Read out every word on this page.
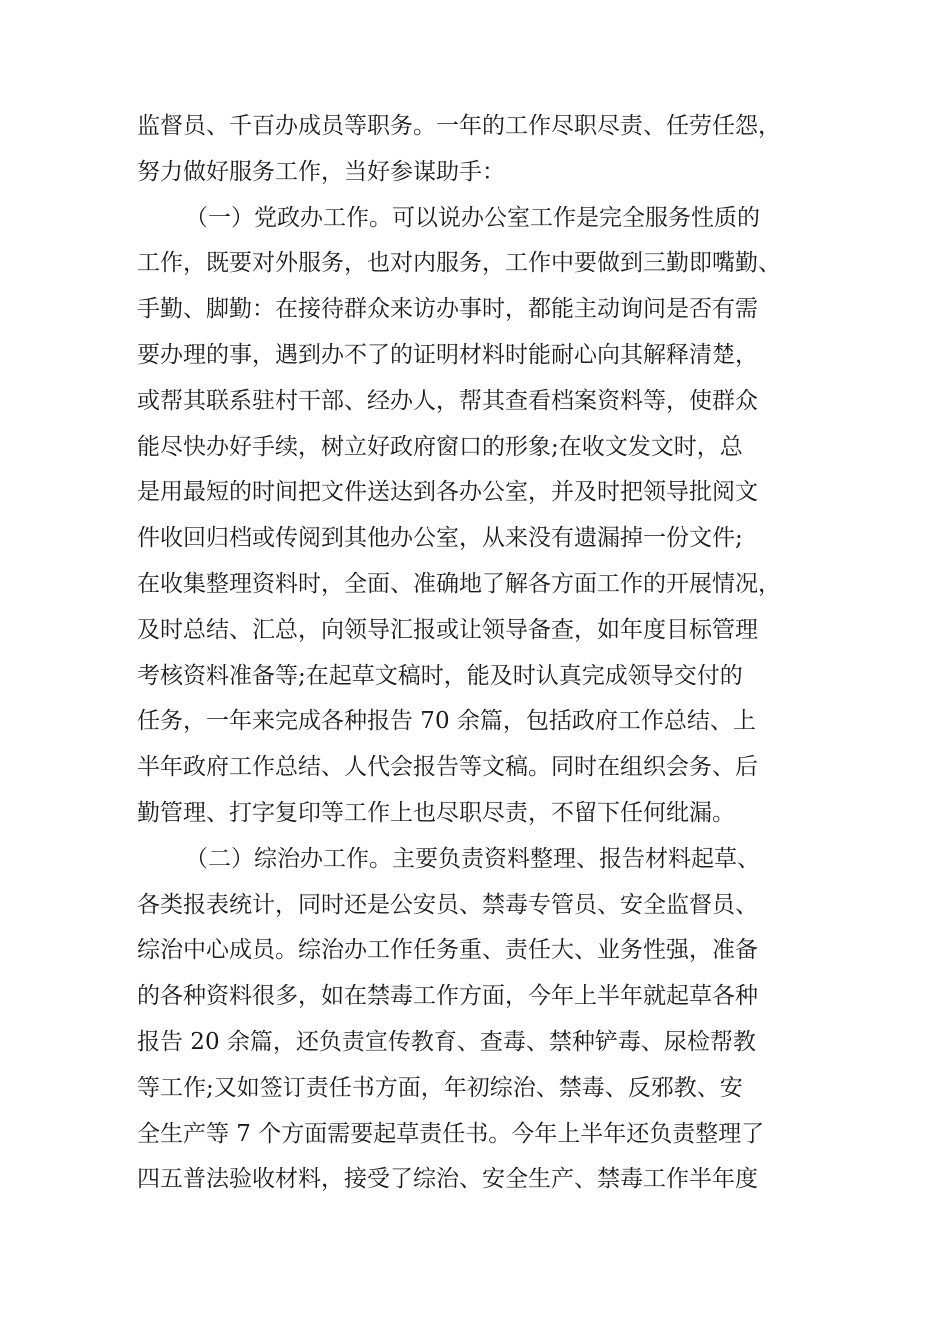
监督员、千百办成员等职务。一年的工作尽职尽责、任劳任怨，
努力做好服务工作，当好参谋助手：
（一）党政办工作。可以说办公室工作是完全服务性质的
工作，既要对外服务，也对内服务，工作中要做到三勤即嘴勤、
手勤、脚勤：在接待群众来访办事时，都能主动询问是否有需
要办理的事，遇到办不了的证明材料时能耐心向其解释清楚，
或帮其联系驻村干部、经办人，帮其查看档案资料等，使群众
能尽快办好手续，树立好政府窗口的形象;在收文发文时，总
是用最短的时间把文件送达到各办公室，并及时把领导批阅文
件收回归档或传阅到其他办公室，从来没有遗漏掉一份文件;
在收集整理资料时，全面、准确地了解各方面工作的开展情况，
及时总结、汇总，向领导汇报或让领导备查，如年度目标管理
考核资料准备等;在起草文稿时，能及时认真完成领导交付的
任务，一年来完成各种报告 70 余篇，包括政府工作总结、上
半年政府工作总结、人代会报告等文稿。同时在组织会务、后
勤管理、打字复印等工作上也尽职尽责，不留下任何纰漏。
（二）综治办工作。主要负责资料整理、报告材料起草、
各类报表统计，同时还是公安员、禁毒专管员、安全监督员、
综治中心成员。综治办工作任务重、责任大、业务性强，准备
的各种资料很多，如在禁毒工作方面，今年上半年就起草各种
报告 20 余篇，还负责宣传教育、查毒、禁种铲毒、尿检帮教
等工作;又如签订责任书方面，年初综治、禁毒、反邪教、安
全生产等 7 个方面需要起草责任书。今年上半年还负责整理了
四五普法验收材料，接受了综治、安全生产、禁毒工作半年度
